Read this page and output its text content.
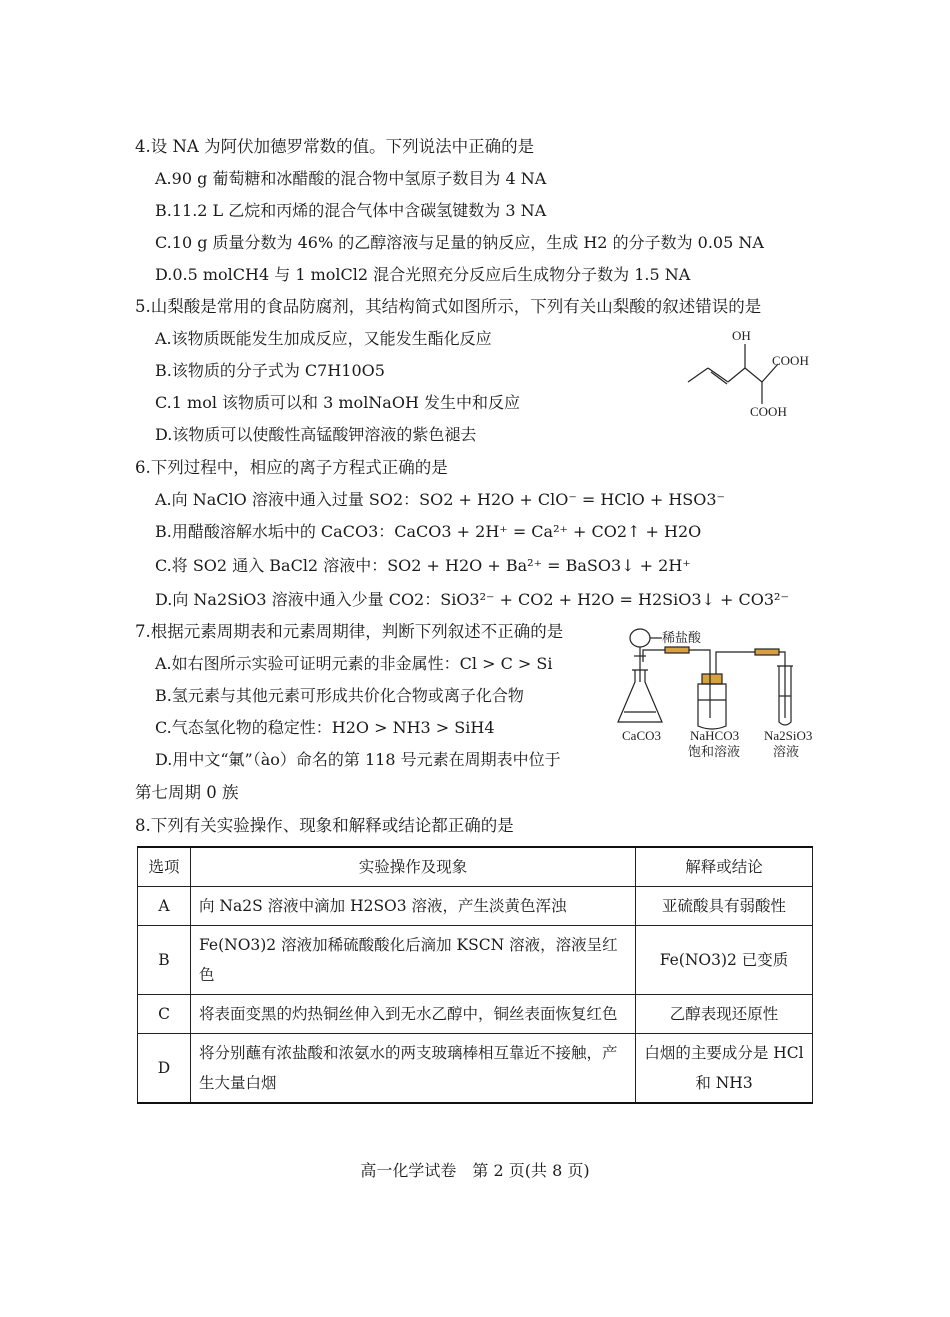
4.设 NA 为阿伏加德罗常数的值。下列说法中正确的是
A.90 g 葡萄糖和冰醋酸的混合物中氢原子数目为 4 NA
B.11.2 L 乙烷和丙烯的混合气体中含碳氢键数为 3 NA
C.10 g 质量分数为 46% 的乙醇溶液与足量的钠反应，生成 H2 的分子数为 0.05 NA
D.0.5 molCH4 与 1 molCl2 混合光照充分反应后生成物分子数为 1.5 NA
5.山梨酸是常用的食品防腐剂，其结构简式如图所示，下列有关山梨酸的叙述错误的是
A.该物质既能发生加成反应，又能发生酯化反应
B.该物质的分子式为 C7H10O5
C.1 mol 该物质可以和 3 molNaOH 发生中和反应
D.该物质可以使酸性高锰酸钾溶液的紫色褪去
OH
COOH
COOH
6.下列过程中，相应的离子方程式正确的是
A.向 NaClO 溶液中通入过量 SO2：SO2 + H2O + ClO⁻ = HClO + HSO3⁻
B.用醋酸溶解水垢中的 CaCO3：CaCO3 + 2H⁺ = Ca²⁺ + CO2↑ + H2O
C.将 SO2 通入 BaCl2 溶液中：SO2 + H2O + Ba²⁺ = BaSO3↓ + 2H⁺
D.向 Na2SiO3 溶液中通入少量 CO2：SiO3²⁻ + CO2 + H2O = H2SiO3↓ + CO3²⁻
7.根据元素周期表和元素周期律，判断下列叙述不正确的是
A.如右图所示实验可证明元素的非金属性：Cl > C > Si
B.氢元素与其他元素可形成共价化合物或离子化合物
C.气态氢化物的稳定性：H2O > NH3 > SiH4
D.用中文“氭”（ào）命名的第 118 号元素在周期表中位于
第七周期 0 族
稀盐酸
CaCO3 NaHCO3
饱和溶液
Na2SiO3
溶液
8.下列有关实验操作、现象和解释或结论都正确的是
选项	实验操作及现象	解释或结论
A	向 Na2S 溶液中滴加 H2SO3 溶液，产生淡黄色浑浊	亚硫酸具有弱酸性
B	Fe(NO3)2 溶液加稀硫酸酸化后滴加 KSCN 溶液，溶液呈红色	Fe(NO3)2 已变质
C	将表面变黑的灼热铜丝伸入到无水乙醇中，铜丝表面恢复红色	乙醇表现还原性
D	将分别蘸有浓盐酸和浓氨水的两支玻璃棒相互靠近不接触，产生大量白烟	白烟的主要成分是 HCl 和 NH3
高一化学试卷　第 2 页(共 8 页)
